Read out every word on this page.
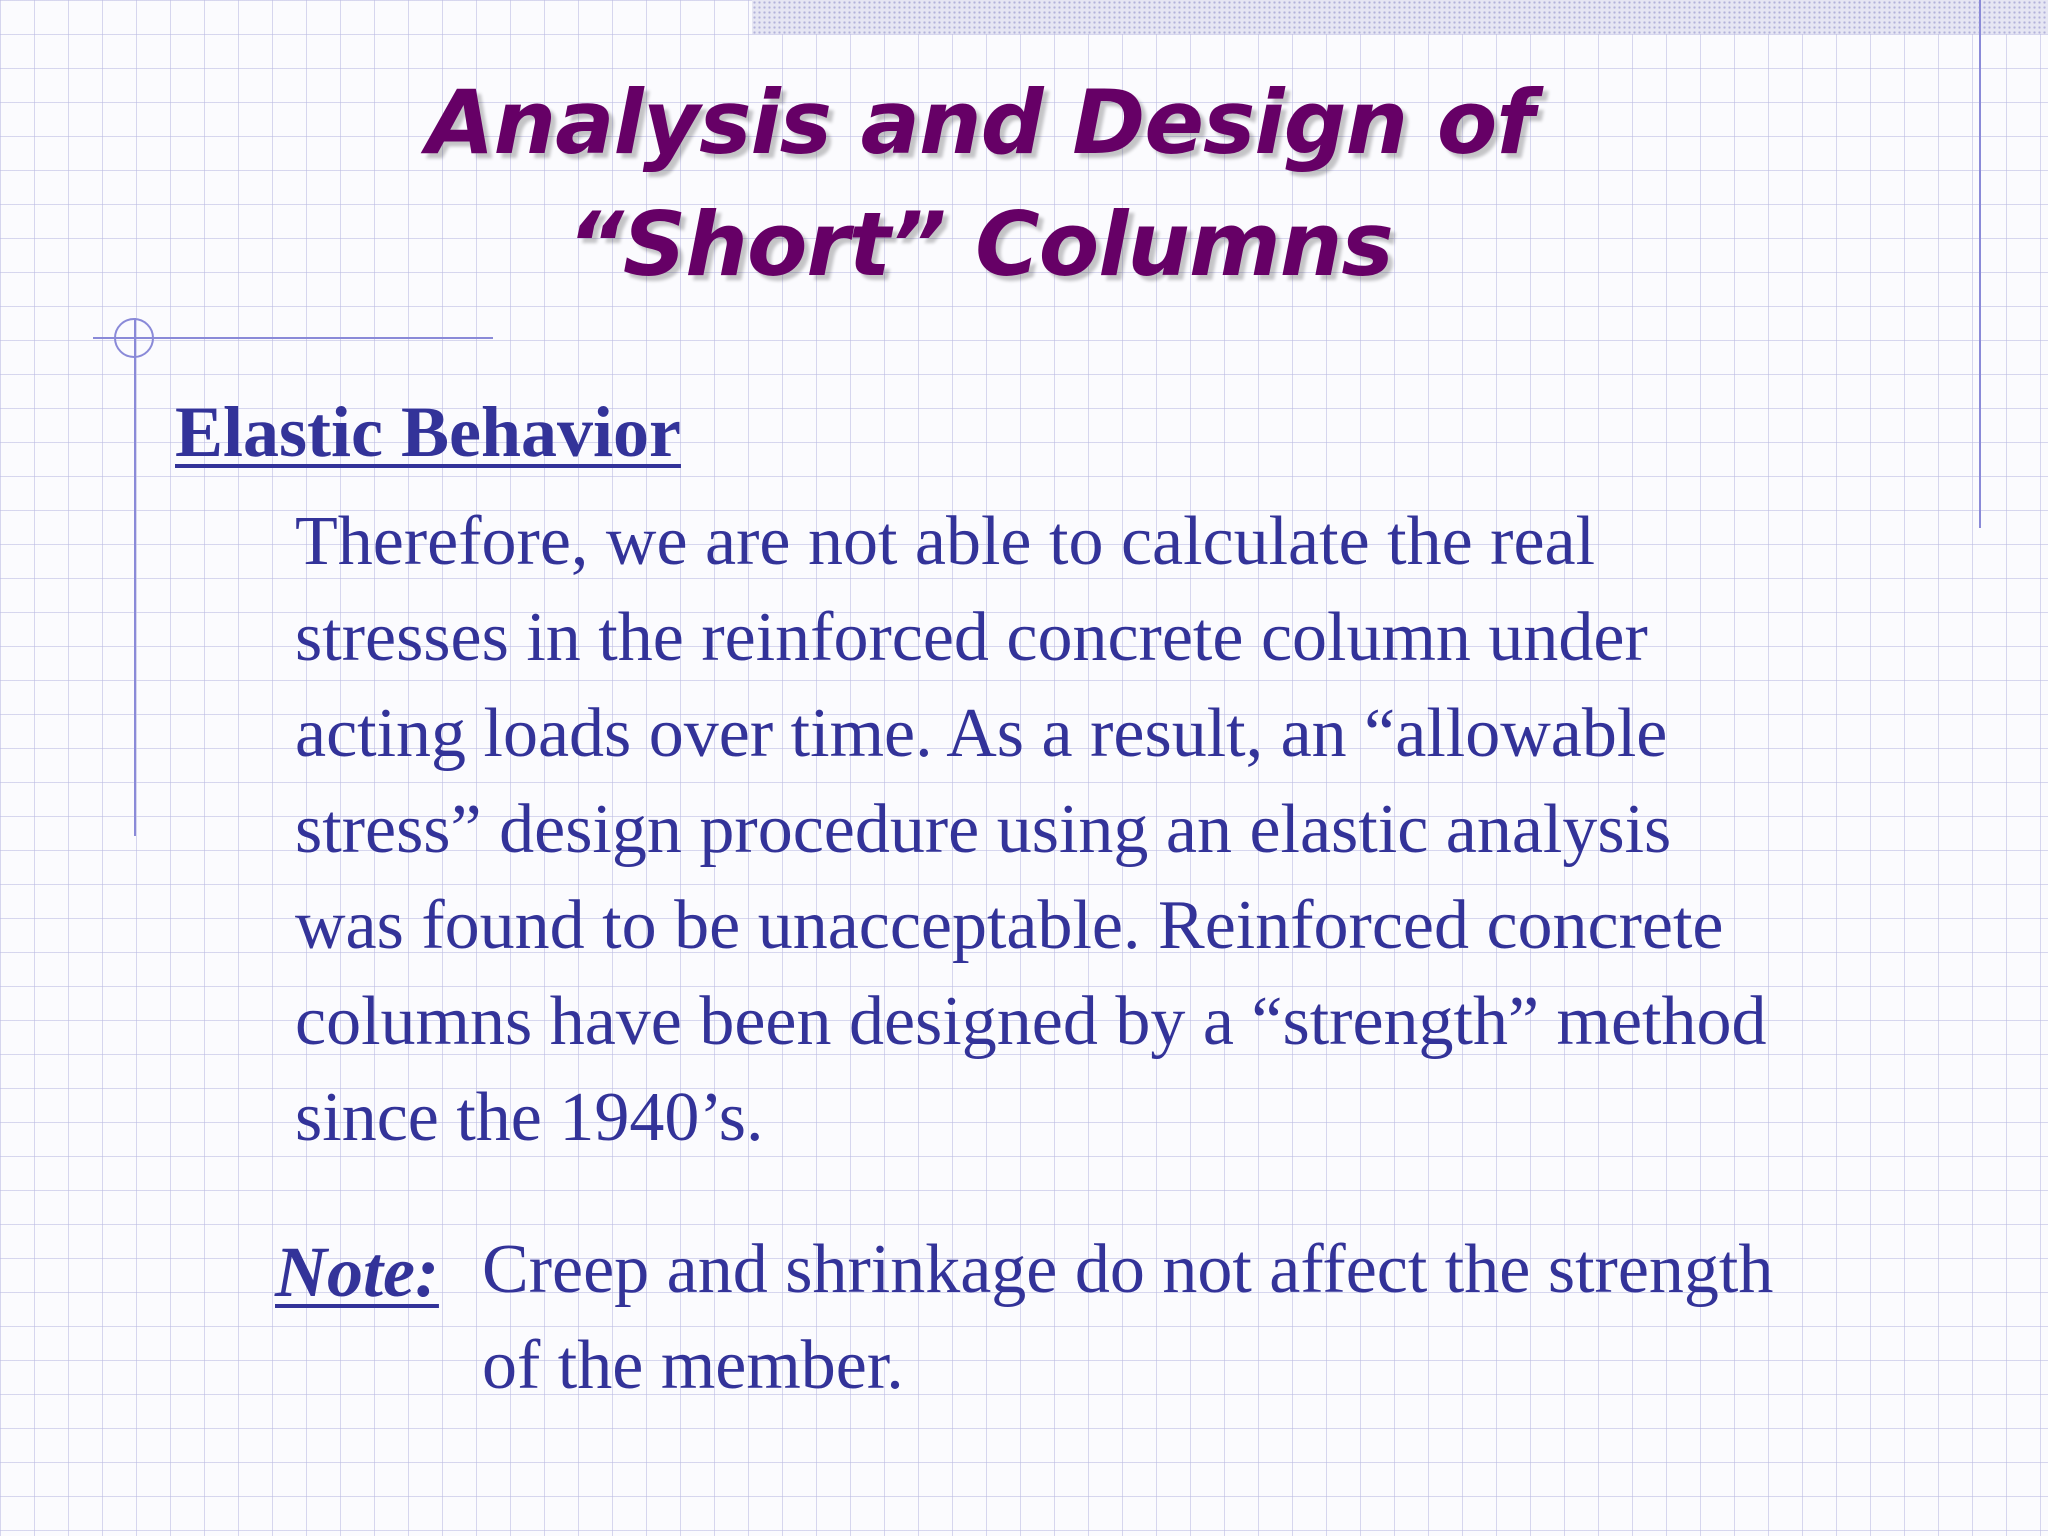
Analysis and Design of
“Short” Columns
Elastic Behavior

Therefore, we are not able to calculate the real
stresses in the reinforced concrete column under
acting loads over time. As a result, an “allowable
stress” design procedure using an elastic analysis
was found to be unacceptable. Reinforced concrete
columns have been designed by a “strength” method
since the 1940’s.

Note: Creep and shrinkage do not affect the strength
of the member.
